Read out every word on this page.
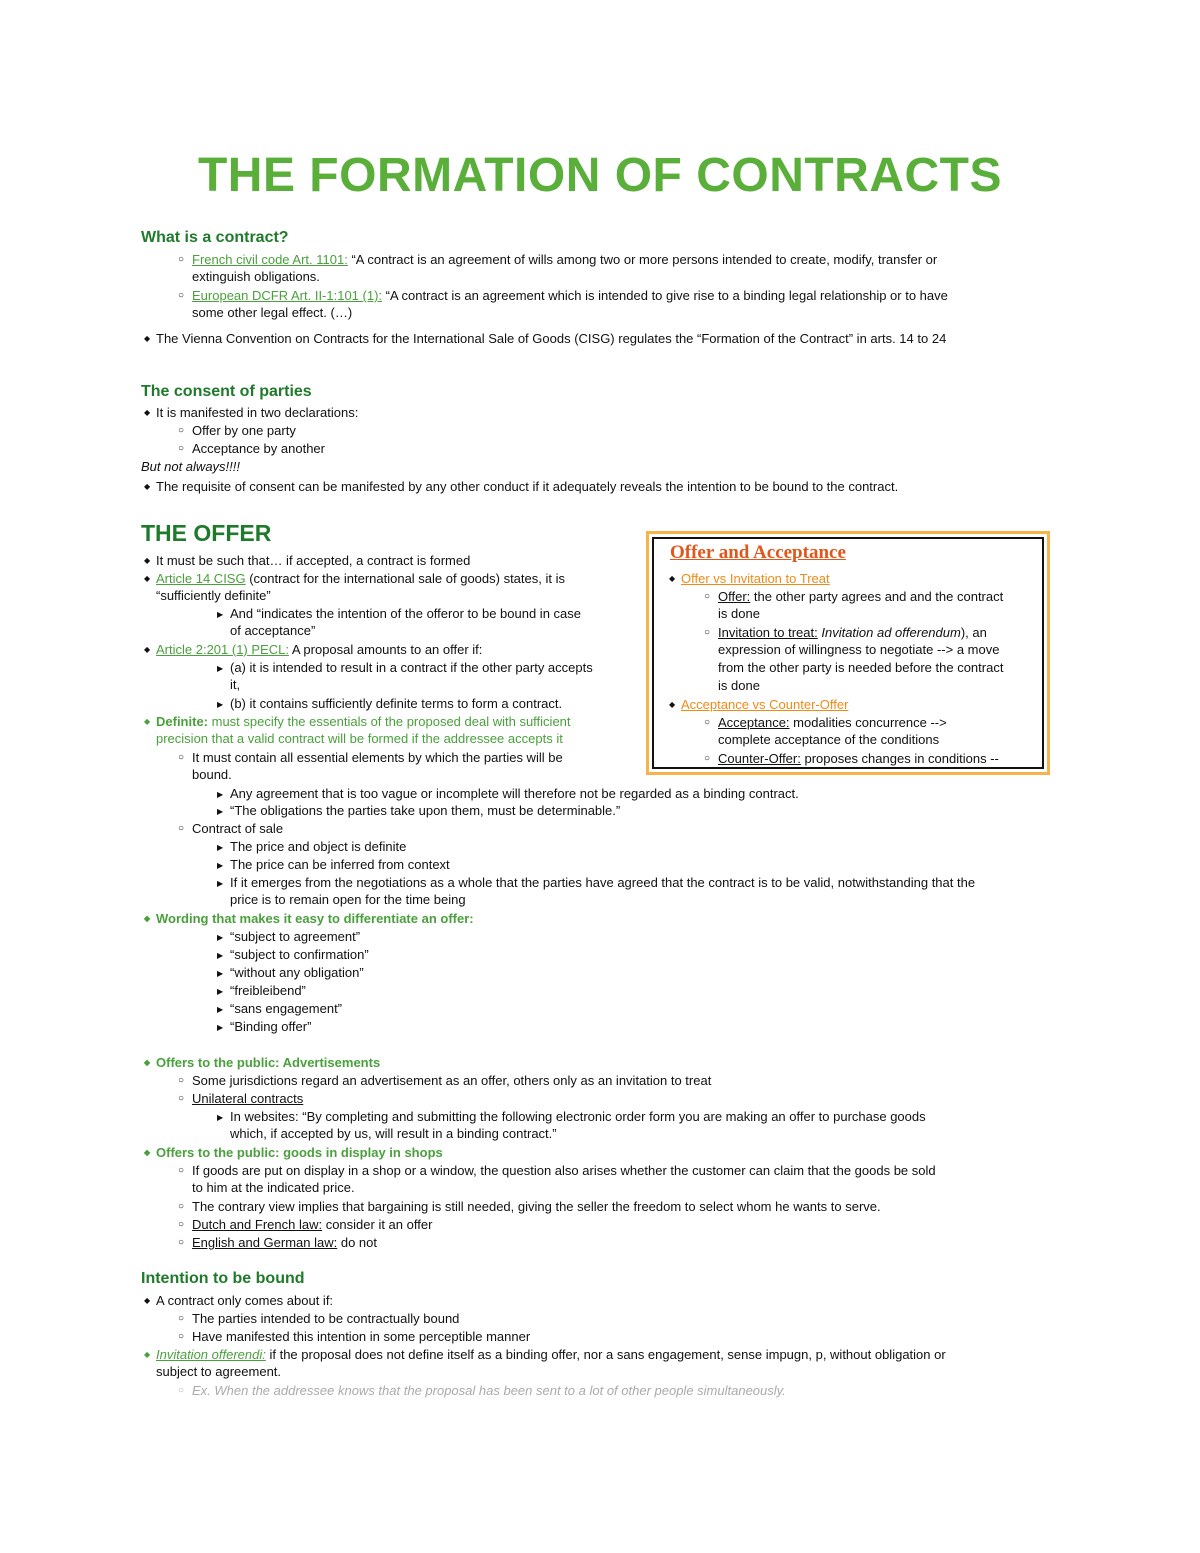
THE FORMATION OF CONTRACTS
What is a contract?
○ French civil code Art. 1101: “A contract is an agreement of wills among two or more persons intended to create, modify, transfer or
extinguish obligations.
○ European DCFR Art. II-1:101 (1): “A contract is an agreement which is intended to give rise to a binding legal relationship or to have
some other legal effect. (…)
◆ The Vienna Convention on Contracts for the International Sale of Goods (CISG) regulates the “Formation of the Contract” in arts. 14 to 24
The consent of parties
◆ It is manifested in two declarations:
○ Offer by one party
○ Acceptance by another
But not always!!!!
◆ The requisite of consent can be manifested by any other conduct if it adequately reveals the intention to be bound to the contract.
THE OFFER
◆ It must be such that… if accepted, a contract is formed
◆ Article 14 CISG (contract for the international sale of goods) states, it is
“sufficiently definite”
▶ And “indicates the intention of the offeror to be bound in case
of acceptance”
◆ Article 2:201 (1) PECL: A proposal amounts to an offer if:
▶ (a) it is intended to result in a contract if the other party accepts
it,
▶ (b) it contains sufficiently definite terms to form a contract.
◆ Definite: must specify the essentials of the proposed deal with sufficient
precision that a valid contract will be formed if the addressee accepts it
○ It must contain all essential elements by which the parties will be
bound.
▶ Any agreement that is too vague or incomplete will therefore not be regarded as a binding contract.
▶ “The obligations the parties take upon them, must be determinable.”
○ Contract of sale
▶ The price and object is definite
▶ The price can be inferred from context
▶ If it emerges from the negotiations as a whole that the parties have agreed that the contract is to be valid, notwithstanding that the
price is to remain open for the time being
◆ Wording that makes it easy to differentiate an offer:
▶ “subject to agreement”
▶ “subject to confirmation”
▶ “without any obligation”
▶ “freibleibend”
▶ “sans engagement”
▶ “Binding offer”
◆ Offers to the public: Advertisements
○ Some jurisdictions regard an advertisement as an offer, others only as an invitation to treat
○ Unilateral contracts
▶ In websites: “By completing and submitting the following electronic order form you are making an offer to purchase goods
which, if accepted by us, will result in a binding contract.”
◆ Offers to the public: goods in display in shops
○ If goods are put on display in a shop or a window, the question also arises whether the customer can claim that the goods be sold
to him at the indicated price.
○ The contrary view implies that bargaining is still needed, giving the seller the freedom to select whom he wants to serve.
○ Dutch and French law: consider it an offer
○ English and German law: do not
Intention to be bound
◆ A contract only comes about if:
○ The parties intended to be contractually bound
○ Have manifested this intention in some perceptible manner
◆ Invitation offerendi: if the proposal does not define itself as a binding offer, nor a sans engagement, sense impugn, p, without obligation or
subject to agreement.
○ Ex. When the addressee knows that the proposal has been sent to a lot of other people simultaneously.
Offer and Acceptance
◆ Offer vs Invitation to Treat
○ Offer: the other party agrees and and the contract
is done
○ Invitation to treat: Invitation ad offerendum), an
expression of willingness to negotiate --> a move
from the other party is needed before the contract
is done
◆ Acceptance vs Counter-Offer
○ Acceptance: modalities concurrence -->
complete acceptance of the conditions
○ Counter-Offer: proposes changes in conditions --
